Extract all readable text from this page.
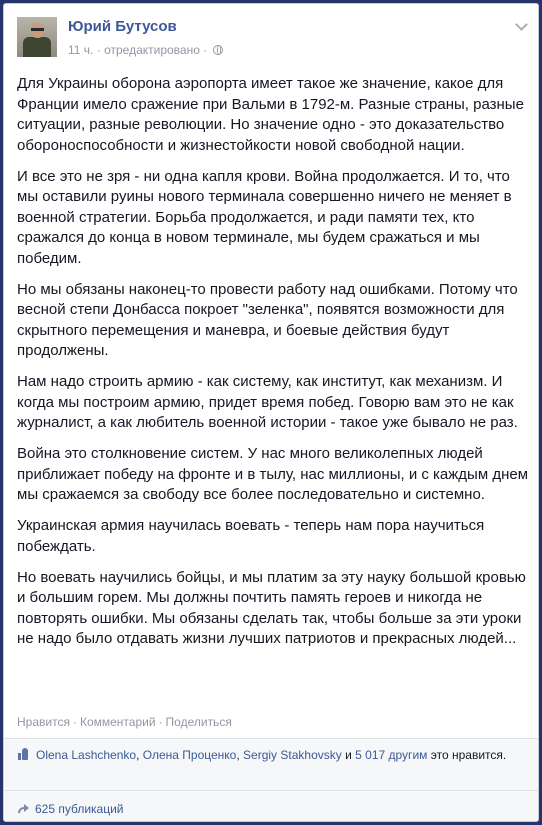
Юрий Бутусов
11 ч. · отредактировано ·

Для Украины оборона аэропорта имеет такое же значение, какое для Франции имело сражение при Вальми в 1792-м. Разные страны, разные ситуации, разные революции. Но значение одно - это доказательство обороноспособности и жизнестойкости новой свободной нации.

И все это не зря - ни одна капля крови. Война продолжается. И то, что мы оставили руины нового терминала совершенно ничего не меняет в военной стратегии. Борьба продолжается, и ради памяти тех, кто сражался до конца в новом терминале, мы будем сражаться и мы победим.

Но мы обязаны наконец-то провести работу над ошибками. Потому что весной степи Донбасса покроет "зеленка", появятся возможности для скрытного перемещения и маневра, и боевые действия будут продолжены.

Нам надо строить армию - как систему, как институт, как механизм. И когда мы построим армию, придет время побед. Говорю вам это не как журналист, а как любитель военной истории - такое уже бывало не раз.

Война это столкновение систем. У нас много великолепных людей приближает победу на фронте и в тылу, нас миллионы, и с каждым днем мы сражаемся за свободу все более последовательно и системно.

Украинская армия научилась воевать - теперь нам пора научиться побеждать.

Но воевать научились бойцы, и мы платим за эту науку большой кровью и большим горем. Мы должны почтить память героев и никогда не повторять ошибки. Мы обязаны сделать так, чтобы больше за эти уроки не надо было отдавать жизни лучших патриотов и прекрасных людей...

Нравится · Комментарий · Поделиться
Olena Lashchenko, Олена Проценко, Sergiy Stakhovsky и 5 017 другим это нравится.
625 публикаций
